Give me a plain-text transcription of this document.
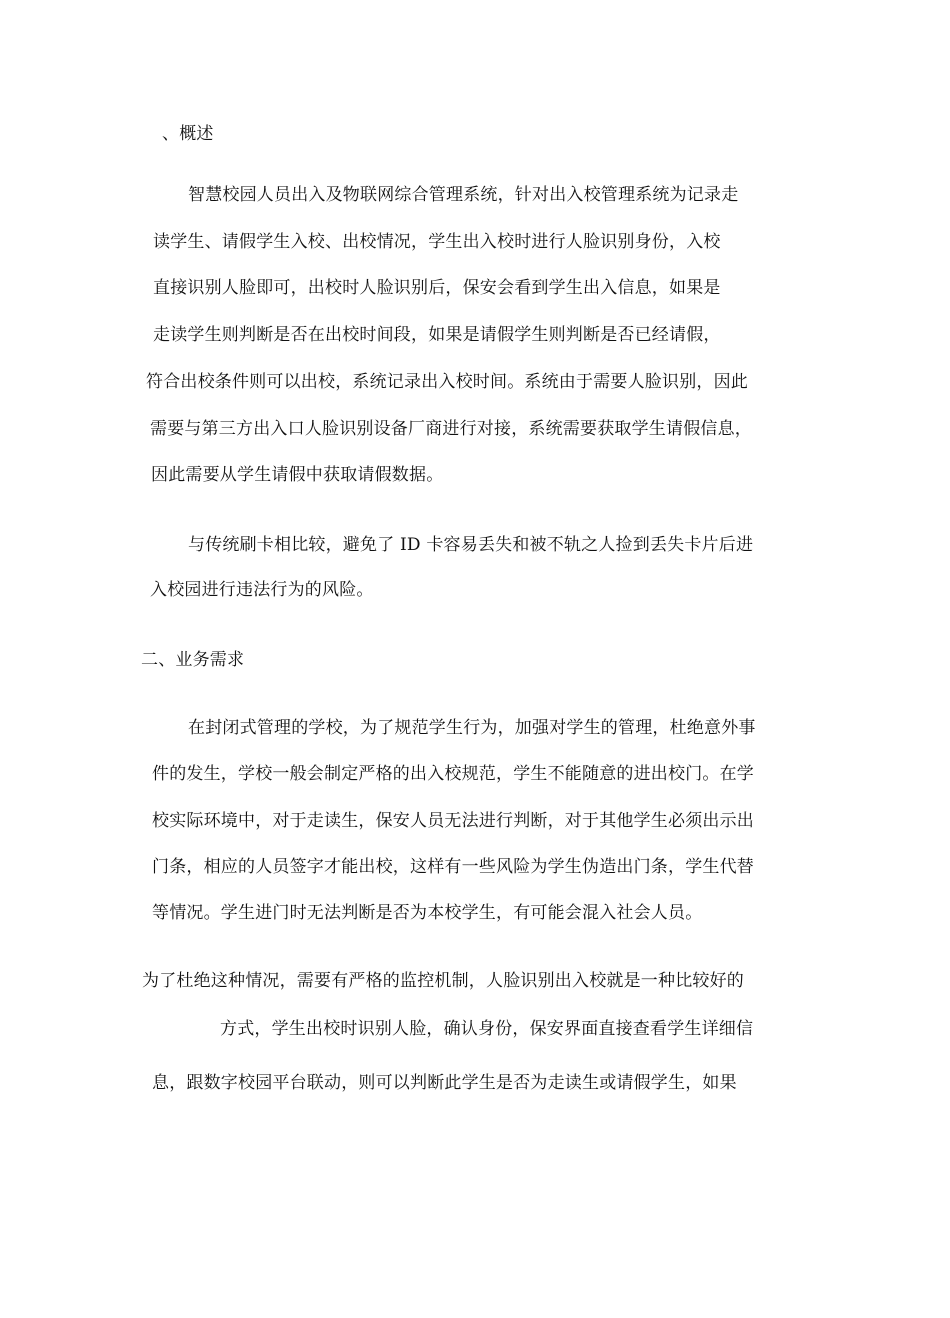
、概述
智慧校园人员出入及物联网综合管理系统，针对出入校管理系统为记录走
读学生、请假学生入校、出校情况，学生出入校时进行人脸识别身份，入校
直接识别人脸即可，出校时人脸识别后，保安会看到学生出入信息，如果是
走读学生则判断是否在出校时间段，如果是请假学生则判断是否已经请假，
符合出校条件则可以出校，系统记录出入校时间。系统由于需要人脸识别，因此
需要与第三方出入口人脸识别设备厂商进行对接，系统需要获取学生请假信息，
因此需要从学生请假中获取请假数据。
与传统刷卡相比较，避免了 ID 卡容易丢失和被不轨之人捡到丢失卡片后进
入校园进行违法行为的风险。
二、业务需求
在封闭式管理的学校，为了规范学生行为，加强对学生的管理，杜绝意外事
件的发生，学校一般会制定严格的出入校规范，学生不能随意的进出校门。在学
校实际环境中，对于走读生，保安人员无法进行判断，对于其他学生必须出示出
门条，相应的人员签字才能出校，这样有一些风险为学生伪造出门条，学生代替
等情况。学生进门时无法判断是否为本校学生，有可能会混入社会人员。
为了杜绝这种情况，需要有严格的监控机制，人脸识别出入校就是一种比较好的
方式，学生出校时识别人脸，确认身份，保安界面直接查看学生详细信
息，跟数字校园平台联动，则可以判断此学生是否为走读生或请假学生，如果
